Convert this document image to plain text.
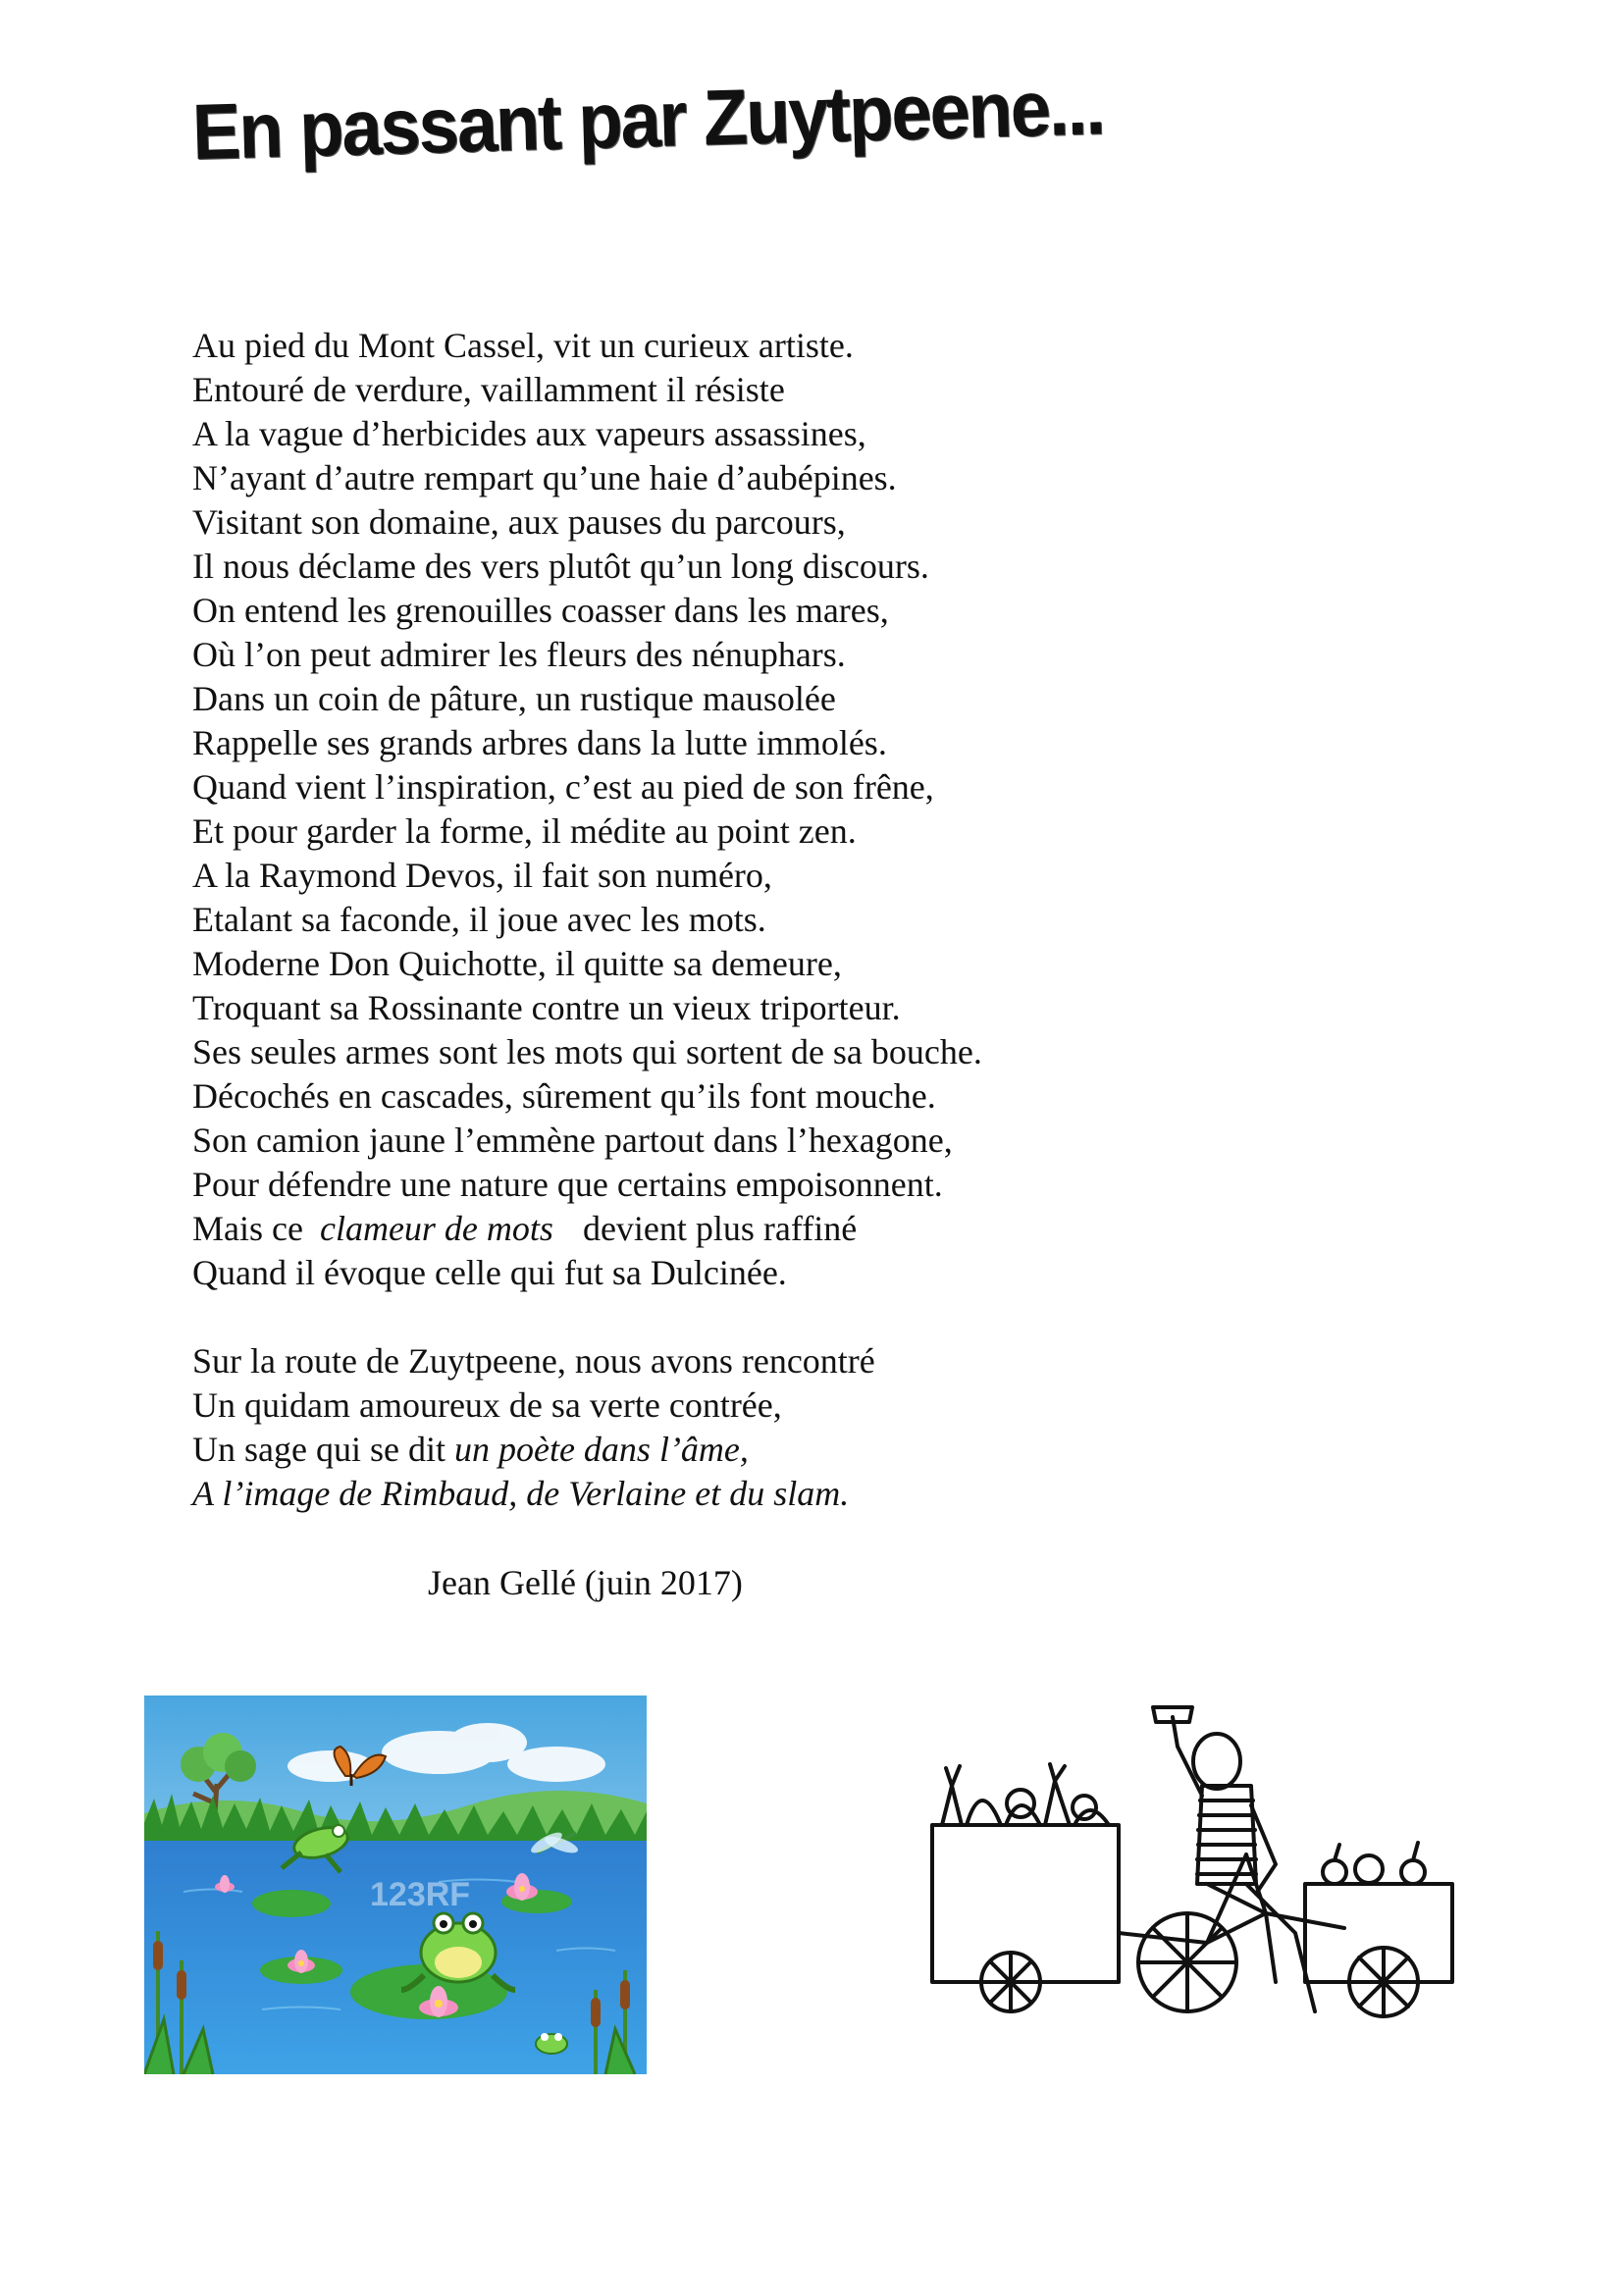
En passant par Zuytpeene...
Au pied du Mont Cassel, vit un curieux artiste.
Entouré de verdure, vaillamment il résiste
A la vague d’herbicides aux vapeurs assassines,
N’ayant d’autre rempart qu’une haie d’aubépines.
Visitant son domaine, aux pauses du parcours,
Il nous déclame des vers plutôt qu’un long discours.
On entend les grenouilles coasser dans les mares,
Où l’on peut admirer les fleurs des nénuphars.
Dans un coin de pâture, un rustique mausolée
Rappelle ses grands arbres dans la lutte immolés.
Quand vient l’inspiration, c’est au pied de son frêne,
Et pour garder la forme, il médite au point zen.
A la Raymond Devos, il fait son numéro,
Etalant sa faconde, il joue avec les mots.
Moderne Don Quichotte, il quitte sa demeure,
Troquant sa Rossinante contre un vieux triporteur.
Ses seules armes sont les mots qui sortent de sa bouche.
Décochés en cascades, sûrement qu’ils font mouche.
Son camion jaune l’emmène partout dans l’hexagone,
Pour défendre une nature que certains empoisonnent.
Mais ce clameur de mots devient plus raffiné
Quand il évoque celle qui fut sa Dulcinée.
Sur la route de Zuytpeene, nous avons rencontré
Un quidam amoureux de sa verte contrée,
Un sage qui se dit un poète dans l’âme,
A l’image de Rimbaud, de Verlaine et du slam.
Jean Gellé (juin 2017)
123RF
